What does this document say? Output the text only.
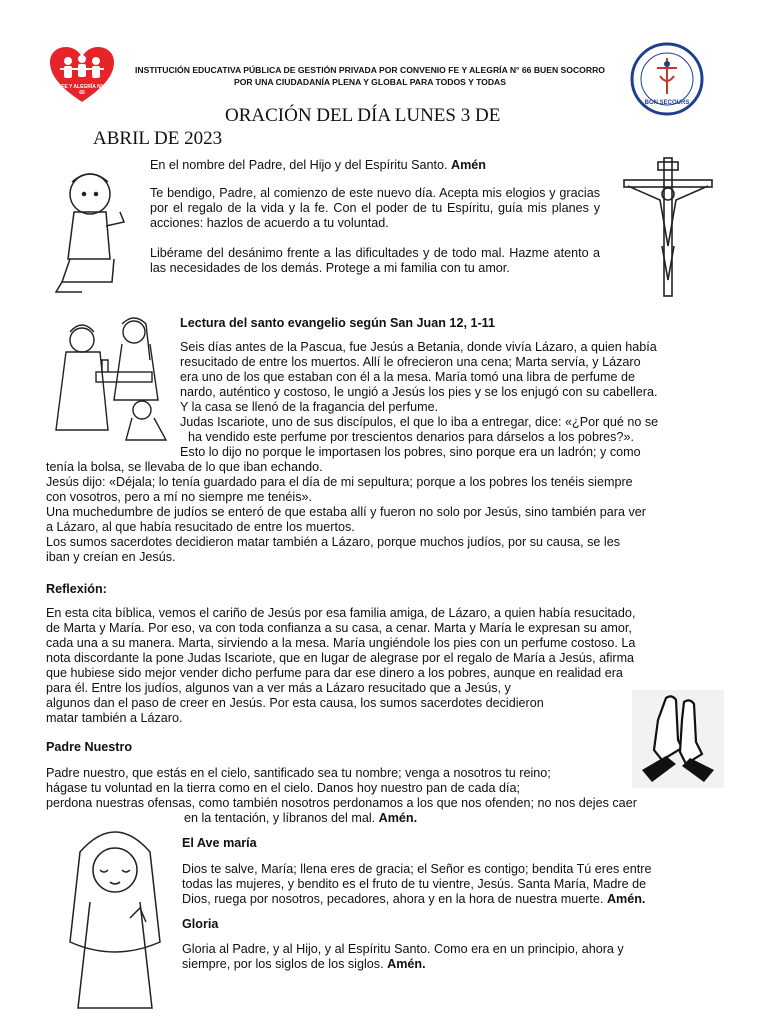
FE Y ALEGRÍA N° 66
INSTITUCIÓN EDUCATIVA PÚBLICA DE GESTIÓN PRIVADA POR CONVENIO FE Y ALEGRÍA N° 66 BUEN SOCORRO
POR UNA CIUDADANÍA PLENA Y GLOBAL PARA TODOS Y TODAS
BON SECOURS
ORACIÓN DEL DÍA LUNES 3 DE
ABRIL DE 2023

En el nombre del Padre, del Hijo y del Espíritu Santo. Amén

Te bendigo, Padre, al comienzo de este nuevo día. Acepta mis elogios y gracias por el regalo de la vida y la fe. Con el poder de tu Espíritu, guía mis planes y acciones: hazlos de acuerdo a tu voluntad.

Libérame del desánimo frente a las dificultades y de todo mal. Hazme atento a las necesidades de los demás. Protege a mi familia con tu amor.

Lectura del santo evangelio según San Juan 12, 1-11
Seis días antes de la Pascua, fue Jesús a Betania, donde vivía Lázaro, a quien había
resucitado de entre los muertos. Allí le ofrecieron una cena; Marta servía, y Lázaro
era uno de los que estaban con él a la mesa. María tomó una libra de perfume de
nardo, auténtico y costoso, le ungió a Jesús los pies y se los enjugó con su cabellera.
Y la casa se llenó de la fragancia del perfume.
Judas Iscariote, uno de sus discípulos, el que lo iba a entregar, dice: «¿Por qué no se
ha vendido este perfume por trescientos denarios para dárselos a los pobres?».
Esto lo dijo no porque le importasen los pobres, sino porque era un ladrón; y como
tenía la bolsa, se llevaba de lo que iban echando.
Jesús dijo: «Déjala; lo tenía guardado para el día de mi sepultura; porque a los pobres los tenéis siempre
con vosotros, pero a mí no siempre me tenéis».
Una muchedumbre de judíos se enteró de que estaba allí y fueron no solo por Jesús, sino también para ver
a Lázaro, al que había resucitado de entre los muertos.
Los sumos sacerdotes decidieron matar también a Lázaro, porque muchos judíos, por su causa, se les
iban y creían en Jesús.
Reflexión:
En esta cita bíblica, vemos el cariño de Jesús por esa familia amiga, de Lázaro, a quien había resucitado,
de Marta y María. Por eso, va con toda confianza a su casa, a cenar. Marta y María le expresan su amor,
cada una a su manera. Marta, sirviendo a la mesa. María ungiéndole los pies con un perfume costoso. La
nota discordante la pone Judas Iscariote, que en lugar de alegrase por el regalo de María a Jesús, afirma
que hubiese sido mejor vender dicho perfume para dar ese dinero a los pobres, aunque en realidad era
para él. Entre los judíos, algunos van a ver más a Lázaro resucitado que a Jesús, y
algunos dan el paso de creer en Jesús. Por esta causa, los sumos sacerdotes decidieron
matar también a Lázaro.
Padre Nuestro
Padre nuestro, que estás en el cielo, santificado sea tu nombre; venga a nosotros tu reino;
hágase tu voluntad en la tierra como en el cielo. Danos hoy nuestro pan de cada día;
perdona nuestras ofensas, como también nosotros perdonamos a los que nos ofenden; no nos dejes caer
en la tentación, y líbranos del mal. Amén.
El Ave maría
Dios te salve, María; llena eres de gracia; el Señor es contigo; bendita Tú eres entre
todas las mujeres, y bendito es el fruto de tu vientre, Jesús. Santa María, Madre de
Dios, ruega por nosotros, pecadores, ahora y en la hora de nuestra muerte. Amén.
Gloria
Gloria al Padre, y al Hijo, y al Espíritu Santo. Como era en un principio, ahora y
siempre, por los siglos de los siglos. Amén.
